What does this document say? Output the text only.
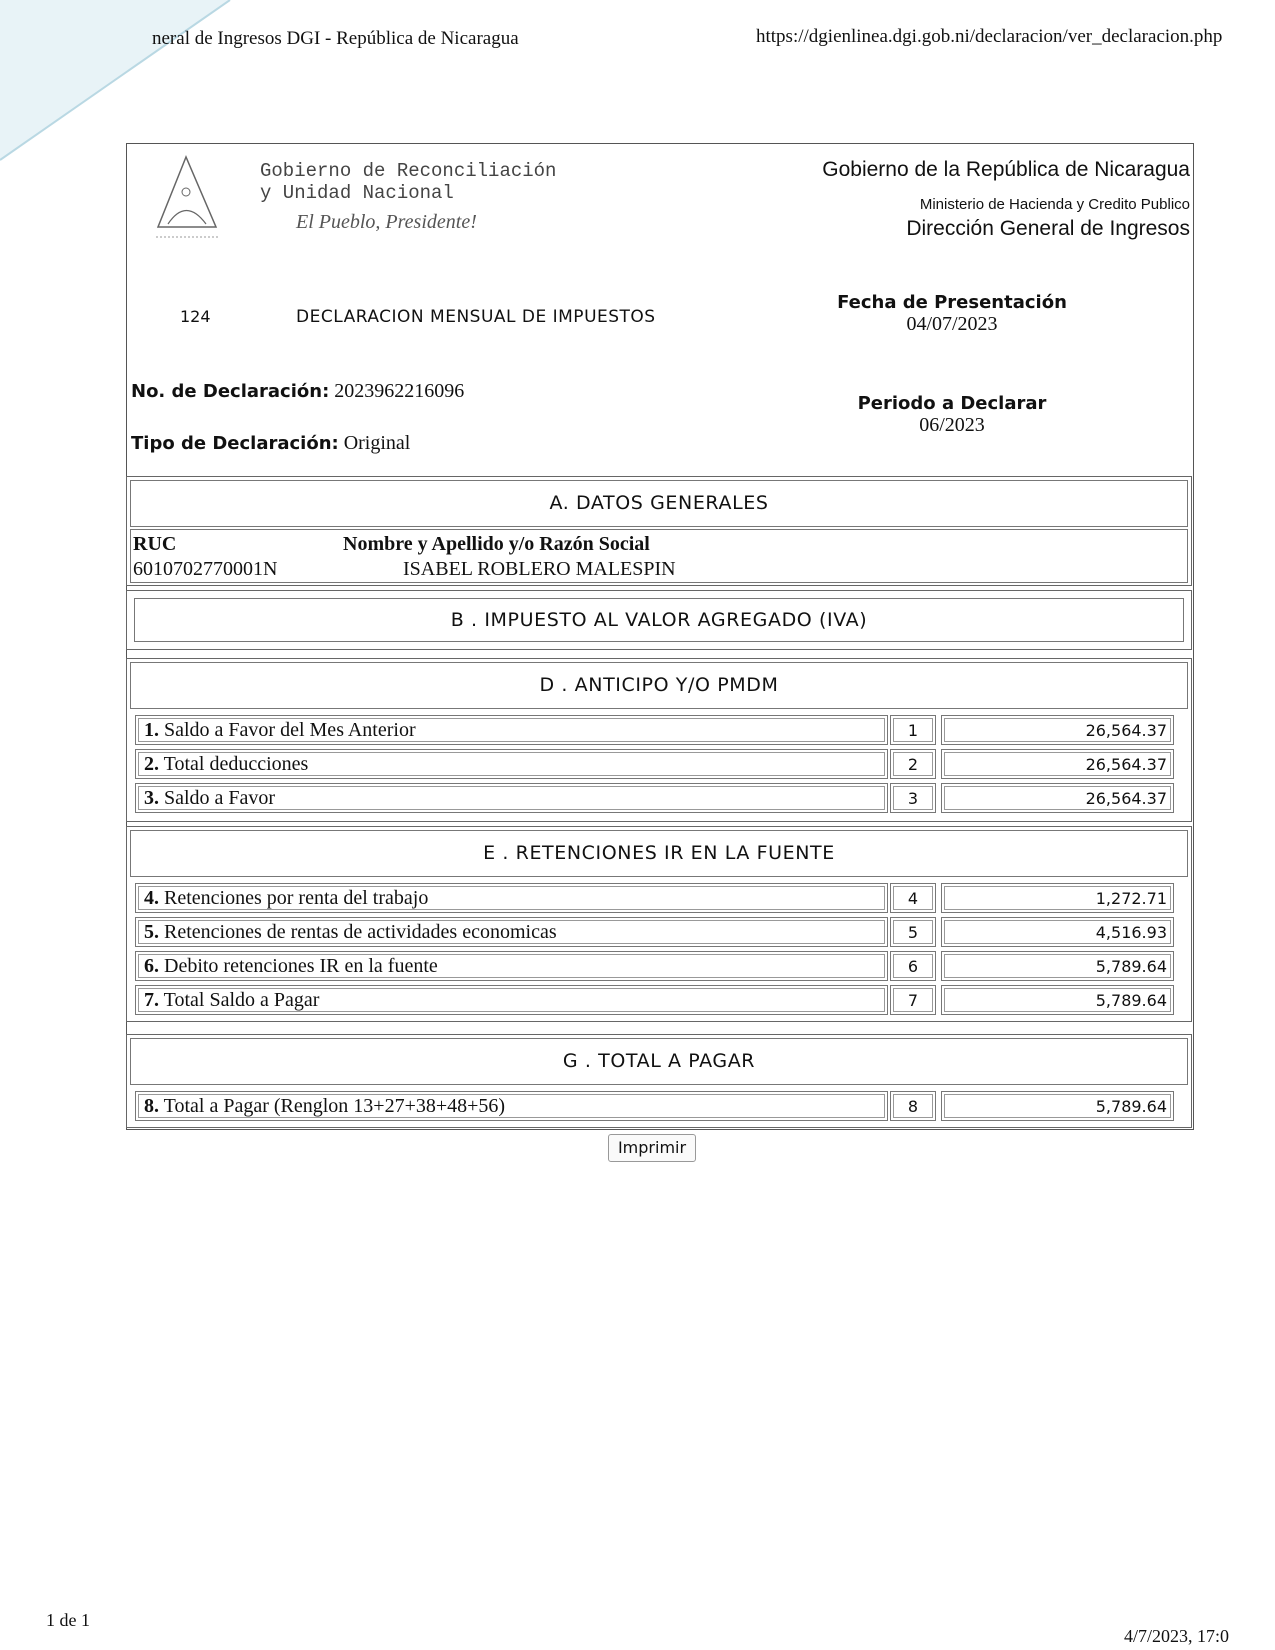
neral de Ingresos DGI - República de Nicaragua	https://dgienlinea.dgi.gob.ni/declaracion/ver_declaracion.php
Gobierno de Reconciliación
y Unidad Nacional
El Pueblo, Presidente!
Gobierno de la República de Nicaragua
Ministerio de Hacienda y Credito Publico
Dirección General de Ingresos
124	DECLARACION MENSUAL DE IMPUESTOS
Fecha de Presentación
04/07/2023
Periodo a Declarar
06/2023
No. de Declaración: 2023962216096
Tipo de Declaración: Original
A. DATOS GENERALES
RUC
6010702770001N
Nombre y Apellido y/o Razón Social
ISABEL ROBLERO MALESPIN
B . IMPUESTO AL VALOR AGREGADO (IVA)
D . ANTICIPO Y/O PMDM
1. Saldo a Favor del Mes Anterior	1	26,564.37
2. Total deducciones	2	26,564.37
3. Saldo a Favor	3	26,564.37
E . RETENCIONES IR EN LA FUENTE
4. Retenciones por renta del trabajo	4	1,272.71
5. Retenciones de rentas de actividades economicas	5	4,516.93
6. Debito retenciones IR en la fuente	6	5,789.64
7. Total Saldo a Pagar	7	5,789.64
G . TOTAL A PAGAR
8. Total a Pagar (Renglon 13+27+38+48+56)	8	5,789.64
Imprimir
1 de 1
4/7/2023, 17:0
